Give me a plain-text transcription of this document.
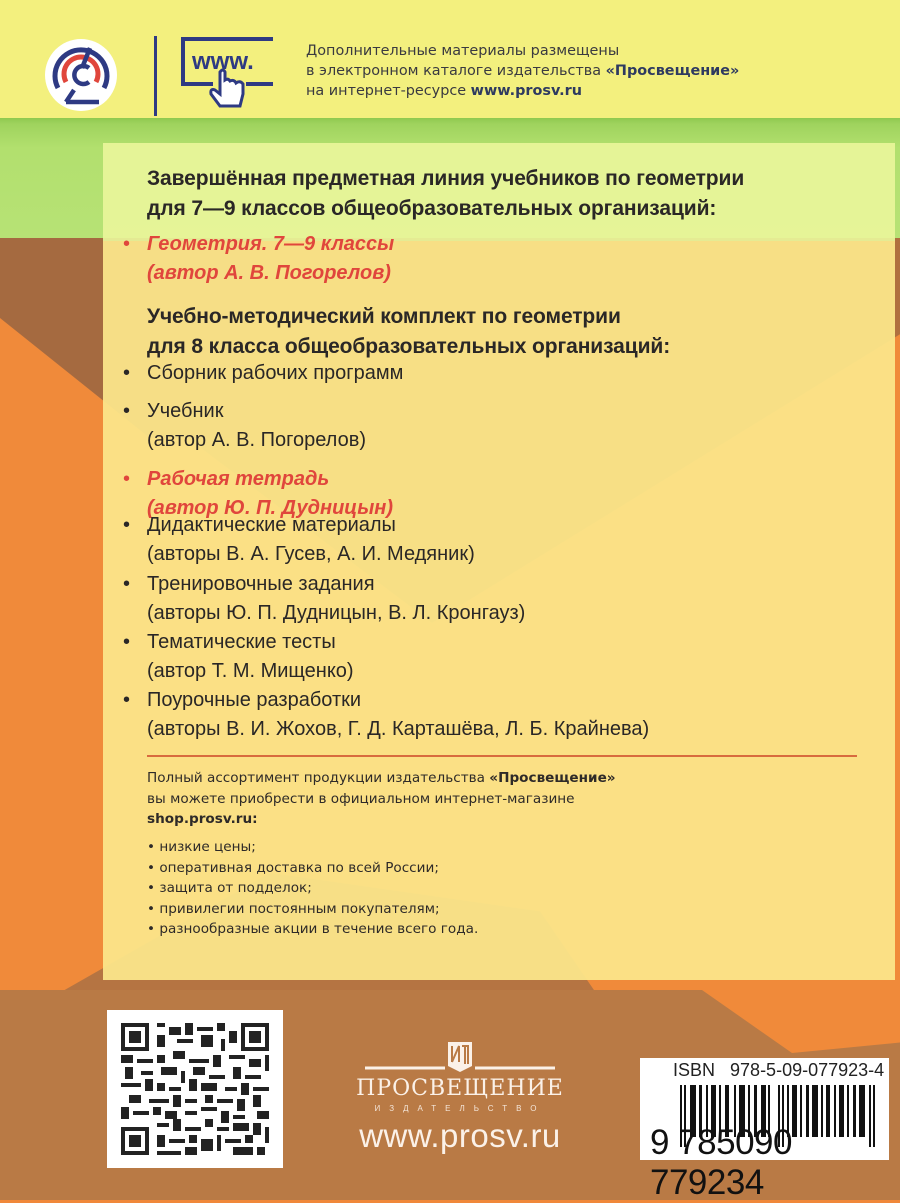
www.	Дополнительные материалы размещены
в электронном каталоге издательства «Просвещение»
на интернет-ресурсе www.prosv.ru
Завершённая предметная линия учебников по геометрии
для 7—9 классов общеобразовательных организаций:
• Геометрия. 7—9 классы
(автор А. В. Погорелов)
Учебно-методический комплект по геометрии
для 8 класса общеобразовательных организаций:
• Сборник рабочих программ
• Учебник
(автор А. В. Погорелов)
• Рабочая тетрадь
(автор Ю. П. Дудницын)
• Дидактические материалы
(авторы В. А. Гусев, А. И. Медяник)
• Тренировочные задания
(авторы Ю. П. Дудницын, В. Л. Кронгауз)
• Тематические тесты
(автор Т. М. Мищенко)
• Поурочные разработки
(авторы В. И. Жохов, Г. Д. Карташёва, Л. Б. Крайнева)
Полный ассортимент продукции издательства «Просвещение»
вы можете приобрести в официальном интернет-магазине
shop.prosv.ru:
• низкие цены;
• оперативная доставка по всей России;
• защита от подделок;
• привилегии постоянным покупателям;
• разнообразные акции в течение всего года.
ПРОСВЕЩЕНИЕ
ИЗДАТЕЛЬСТВО
www.prosv.ru
ISBN 978-5-09-077923-4
9 785090 779234
